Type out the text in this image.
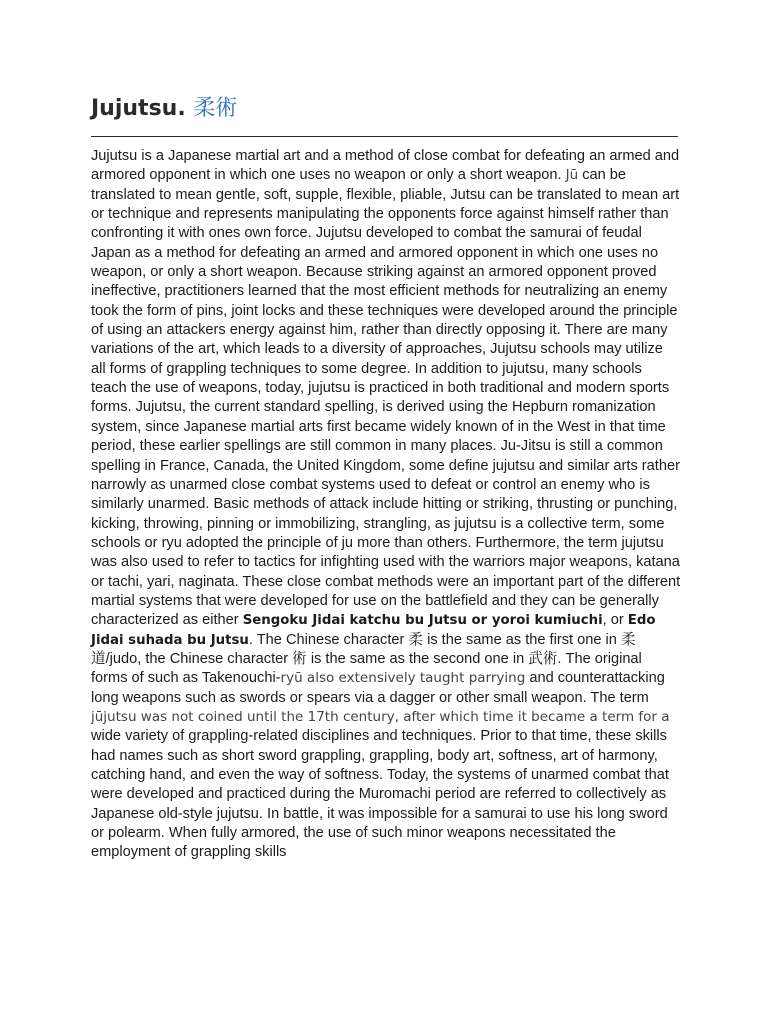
Jujutsu. 柔術

Jujutsu is a Japanese martial art and a method of close combat for defeating an armed and armored opponent in which one uses no weapon or only a short weapon. Jū can be translated to mean gentle, soft, supple, flexible, pliable, Jutsu can be translated to mean art or technique and represents manipulating the opponents force against himself rather than confronting it with ones own force. Jujutsu developed to combat the samurai of feudal Japan as a method for defeating an armed and armored opponent in which one uses no weapon, or only a short weapon. Because striking against an armored opponent proved ineffective, practitioners learned that the most efficient methods for neutralizing an enemy took the form of pins, joint locks and these techniques were developed around the principle of using an attackers energy against him, rather than directly opposing it. There are many variations of the art, which leads to a diversity of approaches, Jujutsu schools may utilize all forms of grappling techniques to some degree. In addition to jujutsu, many schools teach the use of weapons, today, jujutsu is practiced in both traditional and modern sports forms. Jujutsu, the current standard spelling, is derived using the Hepburn romanization system, since Japanese martial arts first became widely known of in the West in that time period, these earlier spellings are still common in many places. Ju-Jitsu is still a common spelling in France, Canada, the United Kingdom, some define jujutsu and similar arts rather narrowly as unarmed close combat systems used to defeat or control an enemy who is similarly unarmed. Basic methods of attack include hitting or striking, thrusting or punching, kicking, throwing, pinning or immobilizing, strangling, as jujutsu is a collective term, some schools or ryu adopted the principle of ju more than others. Furthermore, the term jujutsu was also used to refer to tactics for infighting used with the warriors major weapons, katana or tachi, yari, naginata. These close combat methods were an important part of the different martial systems that were developed for use on the battlefield and they can be generally characterized as either Sengoku Jidai katchu bu Jutsu or yoroi kumiuchi, or Edo Jidai suhada bu Jutsu. The Chinese character 柔 is the same as the first one in 柔道/judo, the Chinese character 術 is the same as the second one in 武術. The original forms of such as Takenouchi-ryū also extensively taught parrying and counterattacking long weapons such as swords or spears via a dagger or other small weapon. The term jūjutsu was not coined until the 17th century, after which time it became a term for a wide variety of grappling-related disciplines and techniques. Prior to that time, these skills had names such as short sword grappling, grappling, body art, softness, art of harmony, catching hand, and even the way of softness. Today, the systems of unarmed combat that were developed and practiced during the Muromachi period are referred to collectively as Japanese old-style jujutsu. In battle, it was impossible for a samurai to use his long sword or polearm. When fully armored, the use of such minor weapons necessitated the employment of grappling skills
